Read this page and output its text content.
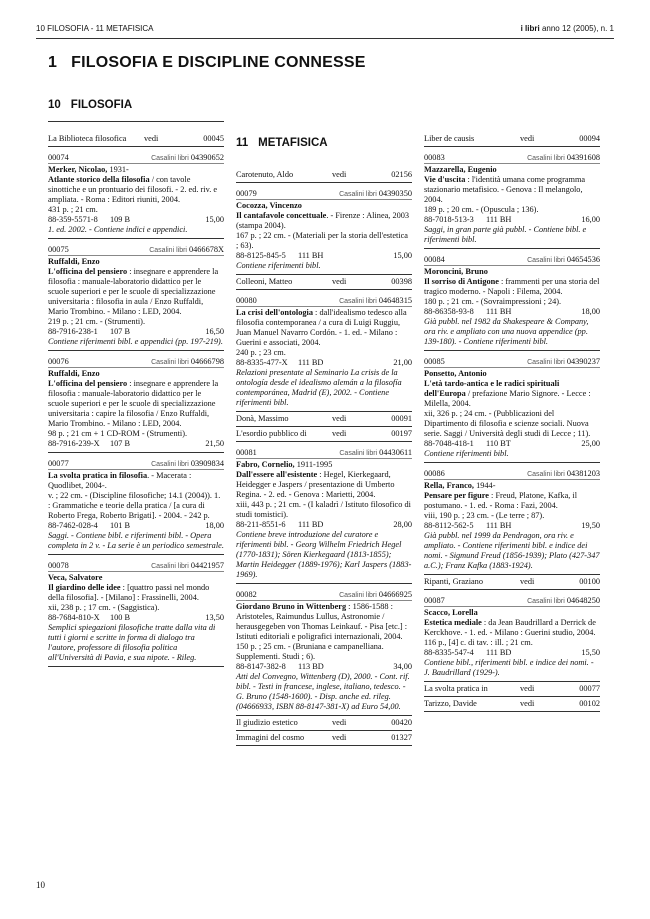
10 FILOSOFIA - 11 METAFISICA	i libri anno 12 (2005), n. 1
1 FILOSOFIA E DISCIPLINE CONNESSE
10 FILOSOFIA
11 METAFISICA
La Biblioteca filosofica vedi	00045
00074	Casalini libri 04390652
Merker, Nicolao, 1931-
Atlante storico della filosofia / con tavole sinottiche e un prontuario dei filosofi. - 2. ed. riv. e ampliata. - Roma : Editori riuniti, 2004.
431 p. ; 21 cm.
88-359-5571-8 109 B	15,00
1. ed. 2002. - Contiene indici e appendici.
00075	Casalini libri 0466678X
Ruffaldi, Enzo
L'officina del pensiero : insegnare e apprendere la filosofia : manuale-laboratorio didattico per le scuole superiori e per le scuole di specializzazione universitaria : filosofia in aula / Enzo Ruffaldi, Mario Trombino. - Milano : LED, 2004.
219 p. ; 21 cm. - (Strumenti).
88-7916-238-1 107 B	16,50
Contiene riferimenti bibl. e appendici (pp. 197-219).
00076	Casalini libri 04666798
Ruffaldi, Enzo
L'officina del pensiero : insegnare e apprendere la filosofia : manuale-laboratorio didattico per le scuole superiori e per le scuole di specializzazione universitaria : capire la filosofia / Enzo Ruffaldi, Mario Trombino. - Milano : LED, 2004.
98 p. ; 21 cm + 1 CD-ROM - (Strumenti).
88-7916-239-X 107 B	21,50
00077	Casalini libri 03909834
La svolta pratica in filosofia. - Macerata : Quodlibet, 2004-.
v. ; 22 cm. - (Discipline filosofiche; 14.1 (2004)). 1. : Grammatiche e teorie della pratica / [a cura di Roberto Frega, Roberto Brigati]. - 2004. - 242 p.
88-7462-028-4 101 B	18,00
Saggi. - Contiene bibl. e riferimenti bibl. - Opera completa in 2 v. - La serie è un periodico semestrale.
00078	Casalini libri 04421957
Veca, Salvatore
Il giardino delle idee : [quattro passi nel mondo della filosofia]. - [Milano] : Frassinelli, 2004.
xii, 238 p. ; 17 cm. - (Saggistica).
88-7684-810-X 100 B	13,50
Semplici spiegazioni filosofiche tratte dalla vita di tutti i giorni e scritte in forma di dialogo tra l'autore, professore di filosofia politica all'Università di Pavia, e sua nipote. - Rileg.
Carotenuto, Aldo	vedi	02156
00079	Casalini libri 04390350
Cocozza, Vincenzo
Il cantafavole concettuale. - Firenze : Alinea, 2003 (stampa 2004).
167 p. ; 22 cm. - (Materiali per la storia dell'estetica ; 63).
88-8125-845-5 111 BH	15,00
Contiene riferimenti bibl.
Colleoni, Matteo	vedi	00398
00080	Casalini libri 04648315
La crisi dell'ontologia : dall'idealismo tedesco alla filosofia contemporanea / a cura di Luigi Ruggiu, Juan Manuel Navarro Cordón. - 1. ed. - Milano : Guerini e associati, 2004.
240 p. ; 23 cm.
88-8335-477-X 111 BD	21,00
Relazioni presentate al Seminario La crisis de la ontología desde el idealismo alemán a la filosofía contemporánea, Madrid (E), 2002. - Contiene riferimenti bibl.
Donà, Massimo	vedi	00091
L'esordio pubblico di	vedi	00197
00081	Casalini libri 04430611
Fabro, Cornelio, 1911-1995
Dall'essere all'esistente : Hegel, Kierkegaard, Heidegger e Jaspers / presentazione di Umberto Regina. - 2. ed. - Genova : Marietti, 2004.
xiii, 443 p. ; 21 cm. - (I kaladrì / Istituto filosofico di studi tomistici).
88-211-8551-6 111 BD	28,00
Contiene breve introduzione del curatore e riferimenti bibl. - Georg Wilhelm Friedrich Hegel (1770-1831); Sören Kierkegaard (1813-1855); Martin Heidegger (1889-1976); Karl Jaspers (1883-1969).
00082	Casalini libri 04666925
Giordano Bruno in Wittenberg : 1586-1588 : Aristoteles, Raimundus Lullus, Astronomie / herausgegeben von Thomas Leinkauf. - Pisa [etc.] : Istituti editoriali e poligrafici internazionali, 2004.
150 p. ; 25 cm. - (Bruniana e campanelliana. Supplementi. Studi ; 6).
88-8147-382-8 113 BD	34,00
Atti del Convegno, Wittenberg (D), 2000. - Cont. rif. bibl. - Testi in francese, inglese, italiano, tedesco. - G. Bruno (1548-1600). - Disp. anche ed. rileg. (04666933, ISBN 88-8147-381-X) ad Euro 54,00.
Il giudizio estetico	vedi	00420
Immagini del cosmo	vedi	01327
Liber de causis	vedi	00094
00083	Casalini libri 04391608
Mazzarella, Eugenio
Vie d'uscita : l'identità umana come programma stazionario metafisico. - Genova : Il melangolo, 2004.
189 p. ; 20 cm. - (Opuscula ; 136).
88-7018-513-3 111 BH	16,00
Saggi, in gran parte già pubbl. - Contiene bibl. e riferimenti bibl.
00084	Casalini libri 04654536
Moroncini, Bruno
Il sorriso di Antigone : frammenti per una storia del tragico moderno. - Napoli : Filema, 2004.
180 p. ; 21 cm. - (Sovraimpressioni ; 24).
88-86358-93-8 111 BH	18,00
Già pubbl. nel 1982 da Shakespeare & Company, ora riv. e ampliato con una nuova appendice (pp. 139-180). - Contiene riferimenti bibl.
00085	Casalini libri 04390237
Ponsetto, Antonio
L'età tardo-antica e le radici spirituali dell'Europa / prefazione Mario Signore. - Lecce : Milella, 2004.
xii, 326 p. ; 24 cm. - (Pubblicazioni del Dipartimento di filosofia e scienze sociali. Nuova serie. Saggi / Università degli studi di Lecce ; 11).
88-7048-418-1 110 BT	25,00
Contiene riferimenti bibl.
00086	Casalini libri 04381203
Rella, Franco, 1944-
Pensare per figure : Freud, Platone, Kafka, il postumano. - 1. ed. - Roma : Fazi, 2004.
viii, 190 p. ; 23 cm. - (Le terre ; 87).
88-8112-562-5 111 BH	19,50
Già pubbl. nel 1999 da Pendragon, ora riv. e ampliato. - Contiene riferimenti bibl. e indice dei nomi. - Sigmund Freud (1856-1939); Plato (427-347 a.C.); Franz Kafka (1883-1924).
Ripanti, Graziano	vedi	00100
00087	Casalini libri 04648250
Scacco, Lorella
Estetica mediale : da Jean Baudrillard a Derrick de Kerckhove. - 1. ed. - Milano : Guerini studio, 2004.
116 p., [4] c. di tav. : ill. ; 21 cm.
88-8335-547-4 111 BD	15,50
Contiene bibl., riferimenti bibl. e indice dei nomi. - J. Baudrillard (1929-).
La svolta pratica in	vedi	00077
Tarizzo, Davide	vedi	00102
10
